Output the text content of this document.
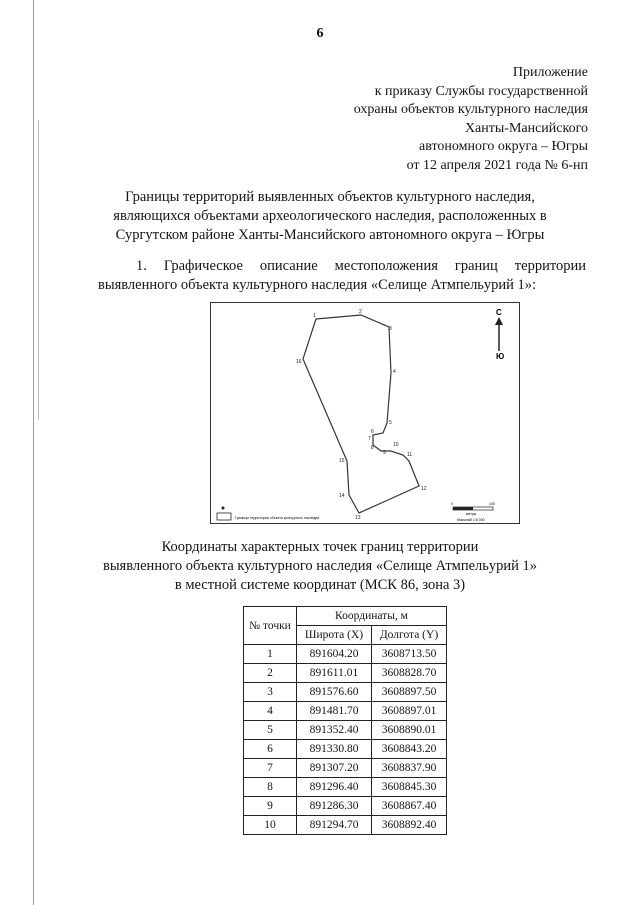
6
Приложение
к приказу Службы государственной
охраны объектов культурного наследия
Ханты-Мансийского
автономного округа – Югры
от 12 апреля 2021 года № 6-нп
Границы территорий выявленных объектов культурного наследия,
являющихся объектами археологического наследия, расположенных в
Сургутском районе Ханты-Мансийского автономного округа – Югры
1. Графическое описание местоположения границ территории
выявленного объекта культурного наследия «Селище Атмпельурий 1»:
1
2
3
4
5
6
7
8
9
10
11
12
13
14
15
16
С
Ю
0	100
метры
Масштаб 1:5 000
Границы территории объекта культурного наследия
Координаты характерных точек границ территории
выявленного объекта культурного наследия «Селище Атмпельурий 1»
в местной системе координат (МСК 86, зона 3)
№ точки	Координаты, м	
	Широта (X)	Долгота (Y)
1	891604.20	3608713.50
2	891611.01	3608828.70
3	891576.60	3608897.50
4	891481.70	3608897.01
5	891352.40	3608890.01
6	891330.80	3608843.20
7	891307.20	3608837.90
8	891296.40	3608845.30
9	891286.30	3608867.40
10	891294.70	3608892.40
